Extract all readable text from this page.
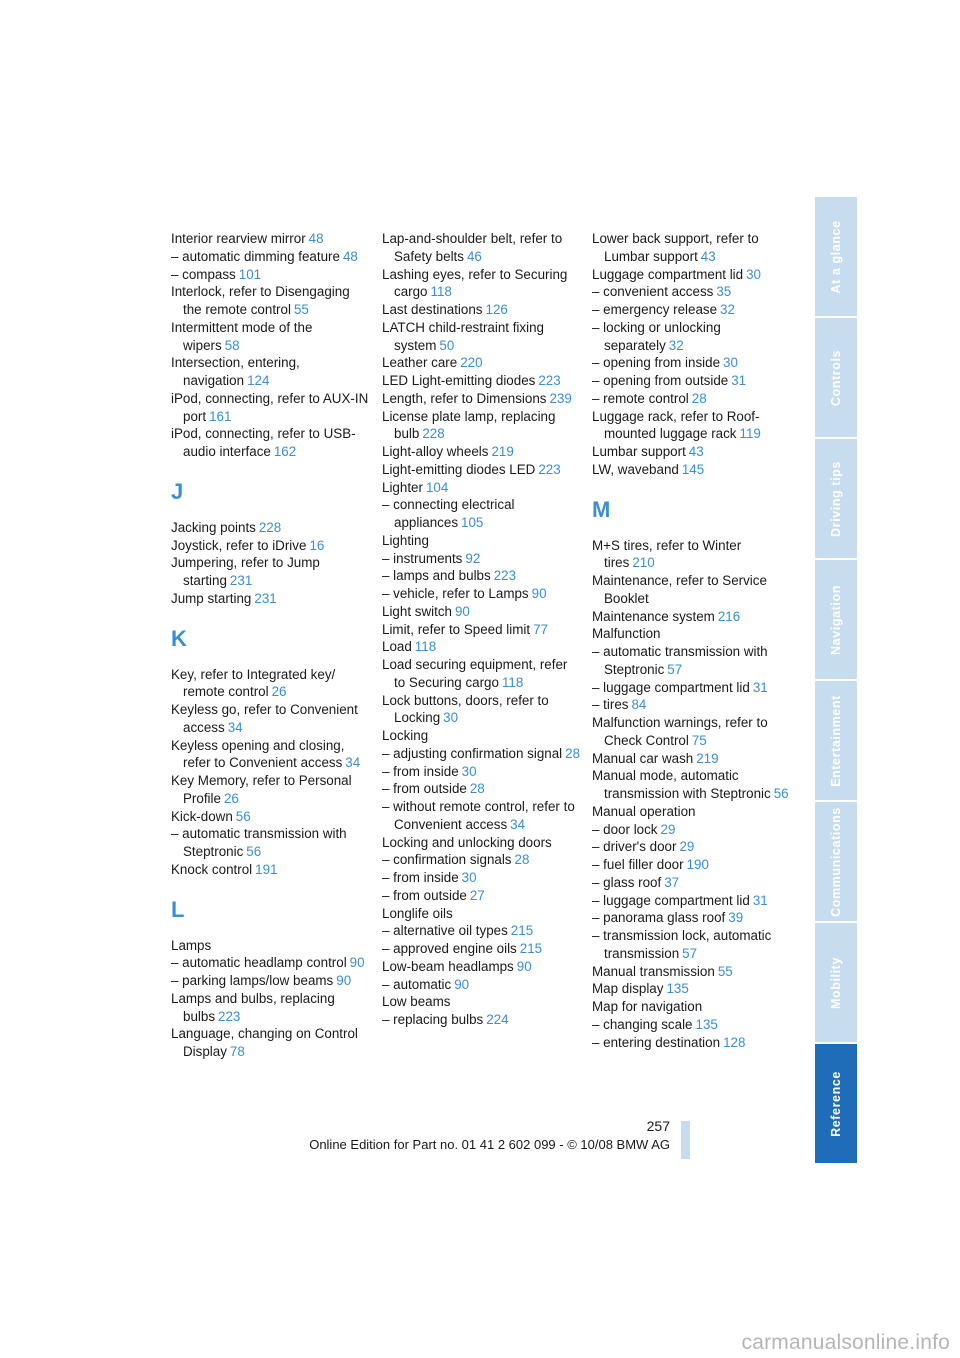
Interior rearview mirror 48
– automatic dimming feature 48
– compass 101
Interlock, refer to Disengaging the remote control 55
Intermittent mode of the wipers 58
Intersection, entering, navigation 124
iPod, connecting, refer to AUX-IN port 161
iPod, connecting, refer to USB-audio interface 162
J
Jacking points 228
Joystick, refer to iDrive 16
Jumpering, refer to Jump starting 231
Jump starting 231
K
Key, refer to Integrated key/ remote control 26
Keyless go, refer to Convenient access 34
Keyless opening and closing, refer to Convenient access 34
Key Memory, refer to Personal Profile 26
Kick-down 56
– automatic transmission with Steptronic 56
Knock control 191
L
Lamps
– automatic headlamp control 90
– parking lamps/low beams 90
Lamps and bulbs, replacing bulbs 223
Language, changing on Control Display 78
Lap-and-shoulder belt, refer to Safety belts 46
Lashing eyes, refer to Securing cargo 118
Last destinations 126
LATCH child-restraint fixing system 50
Leather care 220
LED Light-emitting diodes 223
Length, refer to Dimensions 239
License plate lamp, replacing bulb 228
Light-alloy wheels 219
Light-emitting diodes LED 223
Lighter 104
– connecting electrical appliances 105
Lighting
– instruments 92
– lamps and bulbs 223
– vehicle, refer to Lamps 90
Light switch 90
Limit, refer to Speed limit 77
Load 118
Load securing equipment, refer to Securing cargo 118
Lock buttons, doors, refer to Locking 30
Locking
– adjusting confirmation signal 28
– from inside 30
– from outside 28
– without remote control, refer to Convenient access 34
Locking and unlocking doors
– confirmation signals 28
– from inside 30
– from outside 27
Longlife oils
– alternative oil types 215
– approved engine oils 215
Low-beam headlamps 90
– automatic 90
Low beams
– replacing bulbs 224
Lower back support, refer to Lumbar support 43
Luggage compartment lid 30
– convenient access 35
– emergency release 32
– locking or unlocking separately 32
– opening from inside 30
– opening from outside 31
– remote control 28
Luggage rack, refer to Roof-mounted luggage rack 119
Lumbar support 43
LW, waveband 145
M
M+S tires, refer to Winter tires 210
Maintenance, refer to Service Booklet
Maintenance system 216
Malfunction
– automatic transmission with Steptronic 57
– luggage compartment lid 31
– tires 84
Malfunction warnings, refer to Check Control 75
Manual car wash 219
Manual mode, automatic transmission with Steptronic 56
Manual operation
– door lock 29
– driver's door 29
– fuel filler door 190
– glass roof 37
– luggage compartment lid 31
– panorama glass roof 39
– transmission lock, automatic transmission 57
Manual transmission 55
Map display 135
Map for navigation
– changing scale 135
– entering destination 128
At a glance
Controls
Driving tips
Navigation
Entertainment
Communications
Mobility
Reference
257
Online Edition for Part no. 01 41 2 602 099 - © 10/08 BMW AG
carmanualsonline.info
